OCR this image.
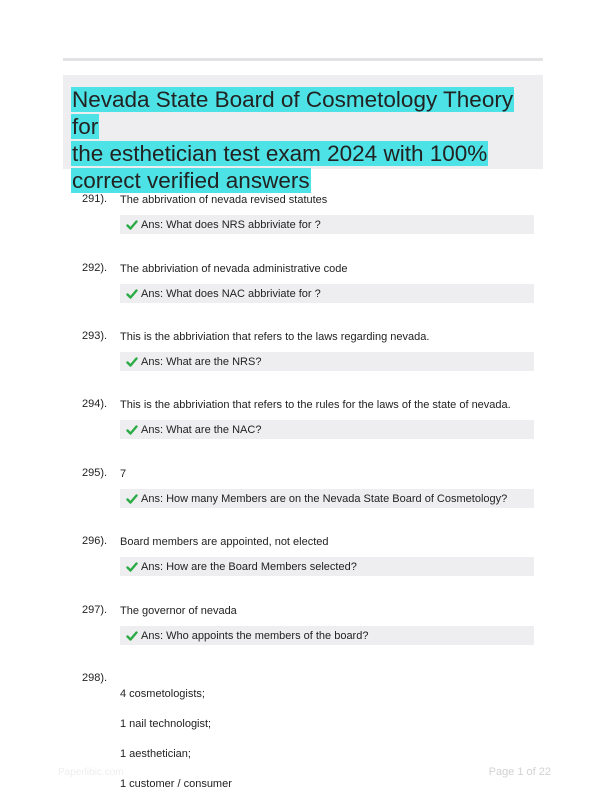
Nevada State Board of Cosmetology Theory for
the esthetician test exam 2024 with 100%
correct verified answers
291). The abbrivation of nevada revised statutes
Ans: What does NRS abbriviate for ?
292). The abbriviation of nevada administrative code
Ans: What does NAC abbriviate for ?
293). This is the abbriviation that refers to the laws regarding nevada.
Ans: What are the NRS?
294). This is the abbriviation that refers to the rules for the laws of the state of nevada.
Ans: What are the NAC?
295). 7
Ans: How many Members are on the Nevada State Board of Cosmetology?
296). Board members are appointed, not elected
Ans: How are the Board Members selected?
297). The governor of nevada
Ans: Who appoints the members of the board?
298).

4 cosmetologists;

1 nail technologist;

1 aesthetician;

1 customer / consumer

Paperlibic.com	Page 1 of 22
